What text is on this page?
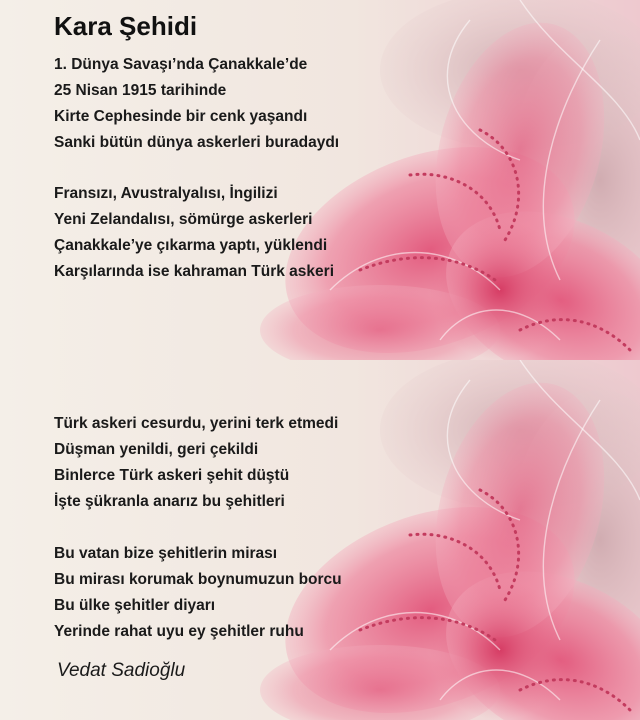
Kara Şehidi

1. Dünya Savaşı’nda Çanakkale’de

25 Nisan 1915 tarihinde

Kirte Cephesinde bir cenk yaşandı

Sanki bütün dünya askerleri buradaydı

Fransızı, Avustralyalısı, İngilizi

Yeni Zelandalısı, sömürge askerleri

Çanakkale’ye çıkarma yaptı, yüklendi

Karşılarında ise kahraman Türk askeri

Türk askeri cesurdu, yerini terk etmedi

Düşman yenildi, geri çekildi

Binlerce Türk askeri şehit düştü

İşte şükranla anarız bu şehitleri

Bu vatan bize şehitlerin mirası

Bu mirası korumak boynumuzun borcu

Bu ülke şehitler diyarı

Yerinde rahat uyu ey şehitler ruhu

Vedat Sadioğlu
